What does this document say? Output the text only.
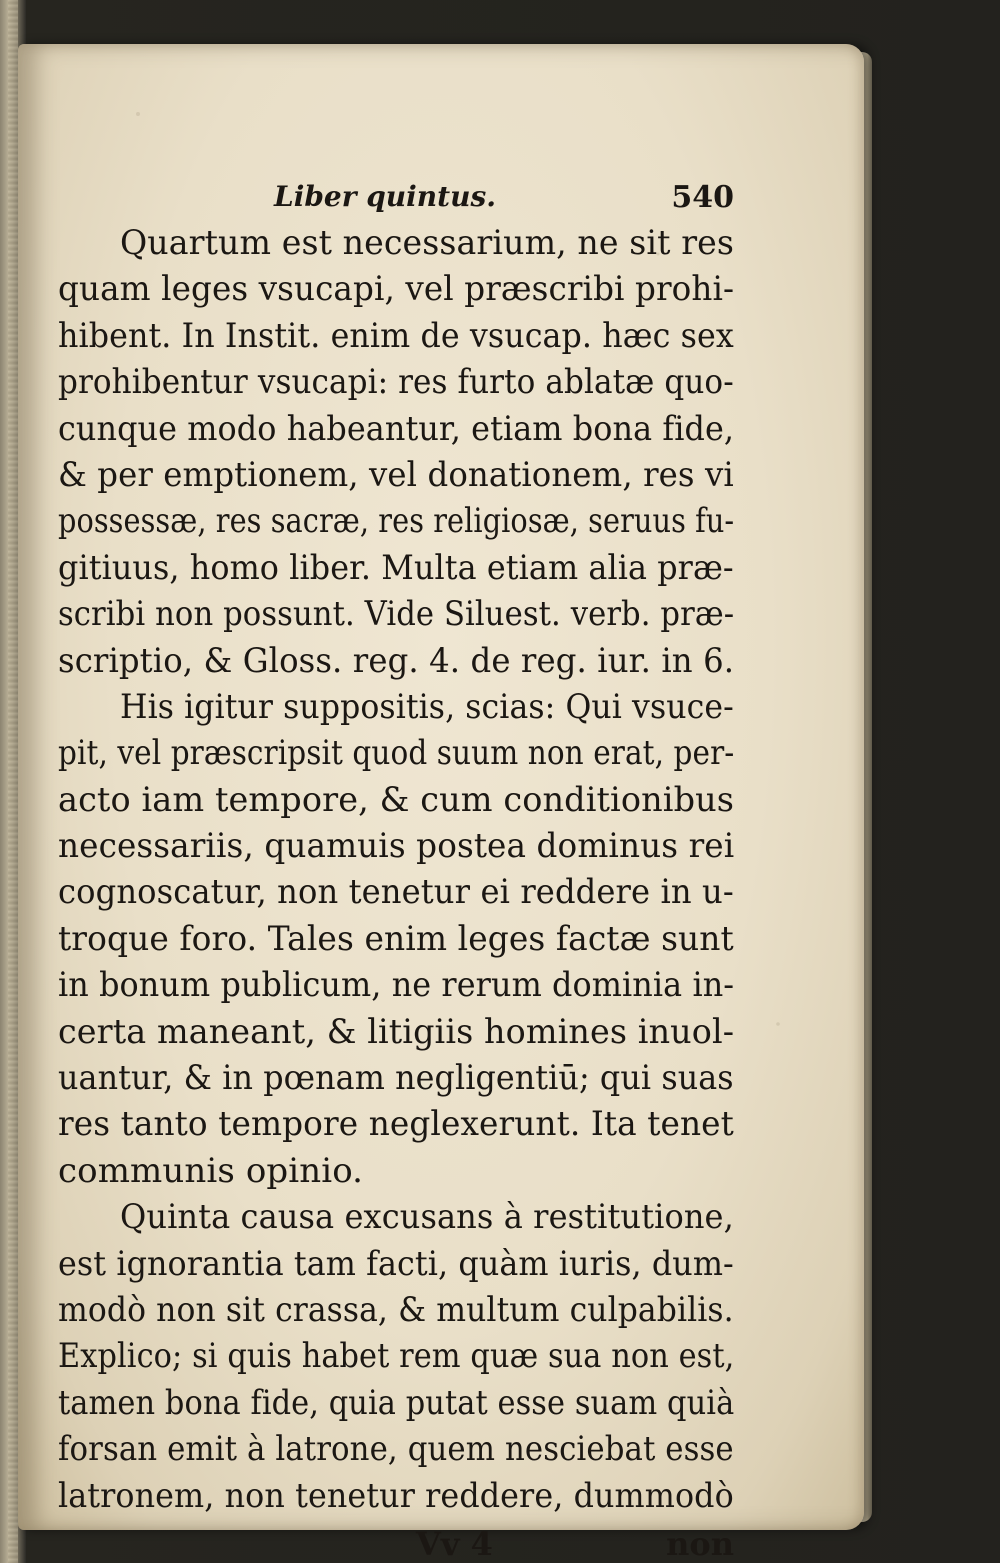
Liber quintus.	540
Quartum est necessarium, ne sit res
quam leges vsucapi, vel præscribi prohi-
hibent. In Instit. enim de vsucap. hæc sex
prohibentur vsucapi: res furto ablatæ quo-
cunque modo habeantur, etiam bona fide,
& per emptionem, vel donationem, res vi
possessæ, res sacræ, res religiosæ, seruus fu-
gitiuus, homo liber. Multa etiam alia præ-
scribi non possunt. Vide Siluest. verb. præ-
scriptio, & Gloss. reg. 4. de reg. iur. in 6.
His igitur suppositis, scias: Qui vsuce-
pit, vel præscripsit quod suum non erat, per-
acto iam tempore, & cum conditionibus
necessariis, quamuis postea dominus rei
cognoscatur, non tenetur ei reddere in u-
troque foro. Tales enim leges factæ sunt
in bonum publicum, ne rerum dominia in-
certa maneant, & litigiis homines inuol-
uantur, & in pœnam negligentiū; qui suas
res tanto tempore neglexerunt. Ita tenet
communis opinio.
Quinta causa excusans à restitutione,
est ignorantia tam facti, quàm iuris, dum-
modò non sit crassa, & multum culpabilis.
Explico; si quis habet rem quæ sua non est,
tamen bona fide, quia putat esse suam quià
forsan emit à latrone, quem nesciebat esse
latronem, non tenetur reddere, dummodò
Vv 4	non
